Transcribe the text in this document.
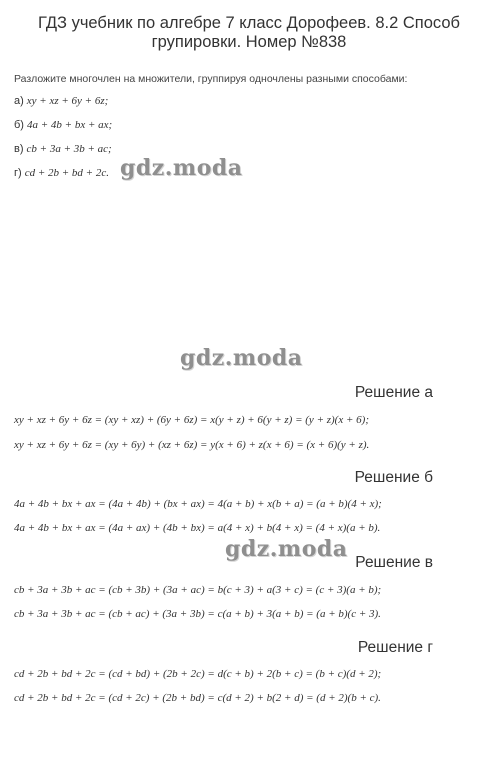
ГДЗ учебник по алгебре 7 класс Дорофеев. 8.2 Способ групировки. Номер №838
Разложите многочлен на множители, группируя одночлены разными способами:
а) xy + xz + 6y + 6z;
б) 4a + 4b + bx + ax;
в) cb + 3a + 3b + ac;
г) cd + 2b + bd + 2c. gdz.moda
gdz.moda
gdz.moda
Решение а
xy + xz + 6y + 6z = (xy + xz) + (6y + 6z) = x(y + z) + 6(y + z) = (y + z)(x + 6);
xy + xz + 6y + 6z = (xy + 6y) + (xz + 6z) = y(x + 6) + z(x + 6) = (x + 6)(y + z).
Решение б
4a + 4b + bx + ax = (4a + 4b) + (bx + ax) = 4(a + b) + x(b + a) = (a + b)(4 + x);
4a + 4b + bx + ax = (4a + ax) + (4b + bx) = a(4 + x) + b(4 + x) = (4 + x)(a + b).
Решение в
cb + 3a + 3b + ac = (cb + 3b) + (3a + ac) = b(c + 3) + a(3 + c) = (c + 3)(a + b);
cb + 3a + 3b + ac = (cb + ac) + (3a + 3b) = c(a + b) + 3(a + b) = (a + b)(c + 3).
Решение г
cd + 2b + bd + 2c = (cd + bd) + (2b + 2c) = d(c + b) + 2(b + c) = (b + c)(d + 2);
cd + 2b + bd + 2c = (cd + 2c) + (2b + bd) = c(d + 2) + b(2 + d) = (d + 2)(b + c).
